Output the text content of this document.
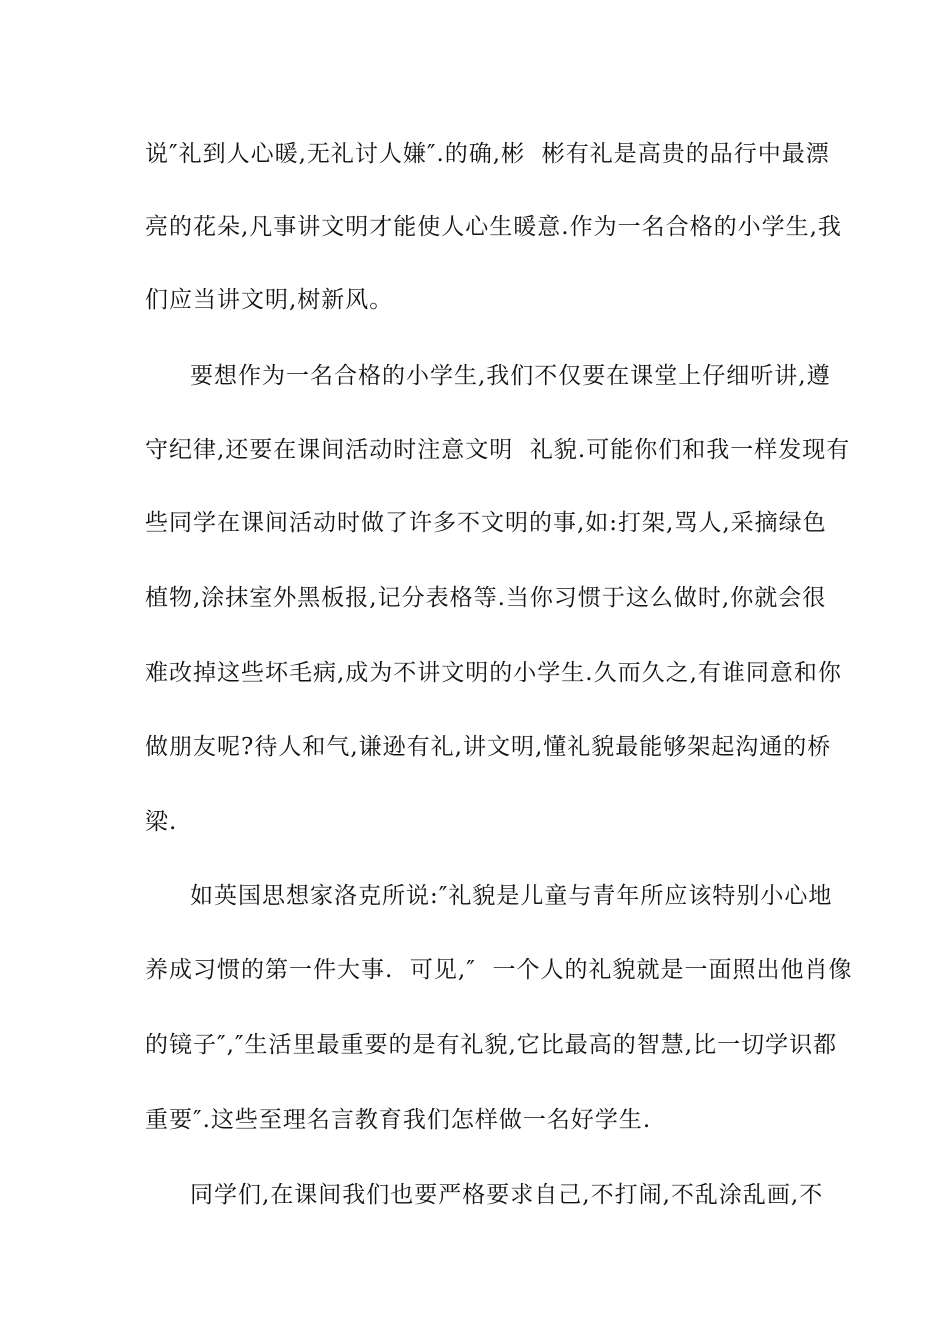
说″礼到人心暖,无礼讨人嫌″.的确,彬  彬有礼是高贵的品行中最漂
亮的花朵,凡事讲文明才能使人心生暖意.作为一名合格的小学生,我
们应当讲文明,树新风。
要想作为一名合格的小学生,我们不仅要在课堂上仔细听讲,遵
守纪律,还要在课间活动时注意文明  礼貌.可能你们和我一样发现有
些同学在课间活动时做了许多不文明的事,如:打架,骂人,采摘绿色
植物,涂抹室外黑板报,记分表格等.当你习惯于这么做时,你就会很
难改掉这些坏毛病,成为不讲文明的小学生.久而久之,有谁同意和你
做朋友呢?待人和气,谦逊有礼,讲文明,懂礼貌最能够架起沟通的桥
梁.
如英国思想家洛克所说:″礼貌是儿童与青年所应该特别小心地
养成习惯的第一件大事.  可见,″  一个人的礼貌就是一面照出他肖像
的镜子″,″生活里最重要的是有礼貌,它比最高的智慧,比一切学识都
重要″.这些至理名言教育我们怎样做一名好学生.
同学们,在课间我们也要严格要求自己,不打闹,不乱涂乱画,不
